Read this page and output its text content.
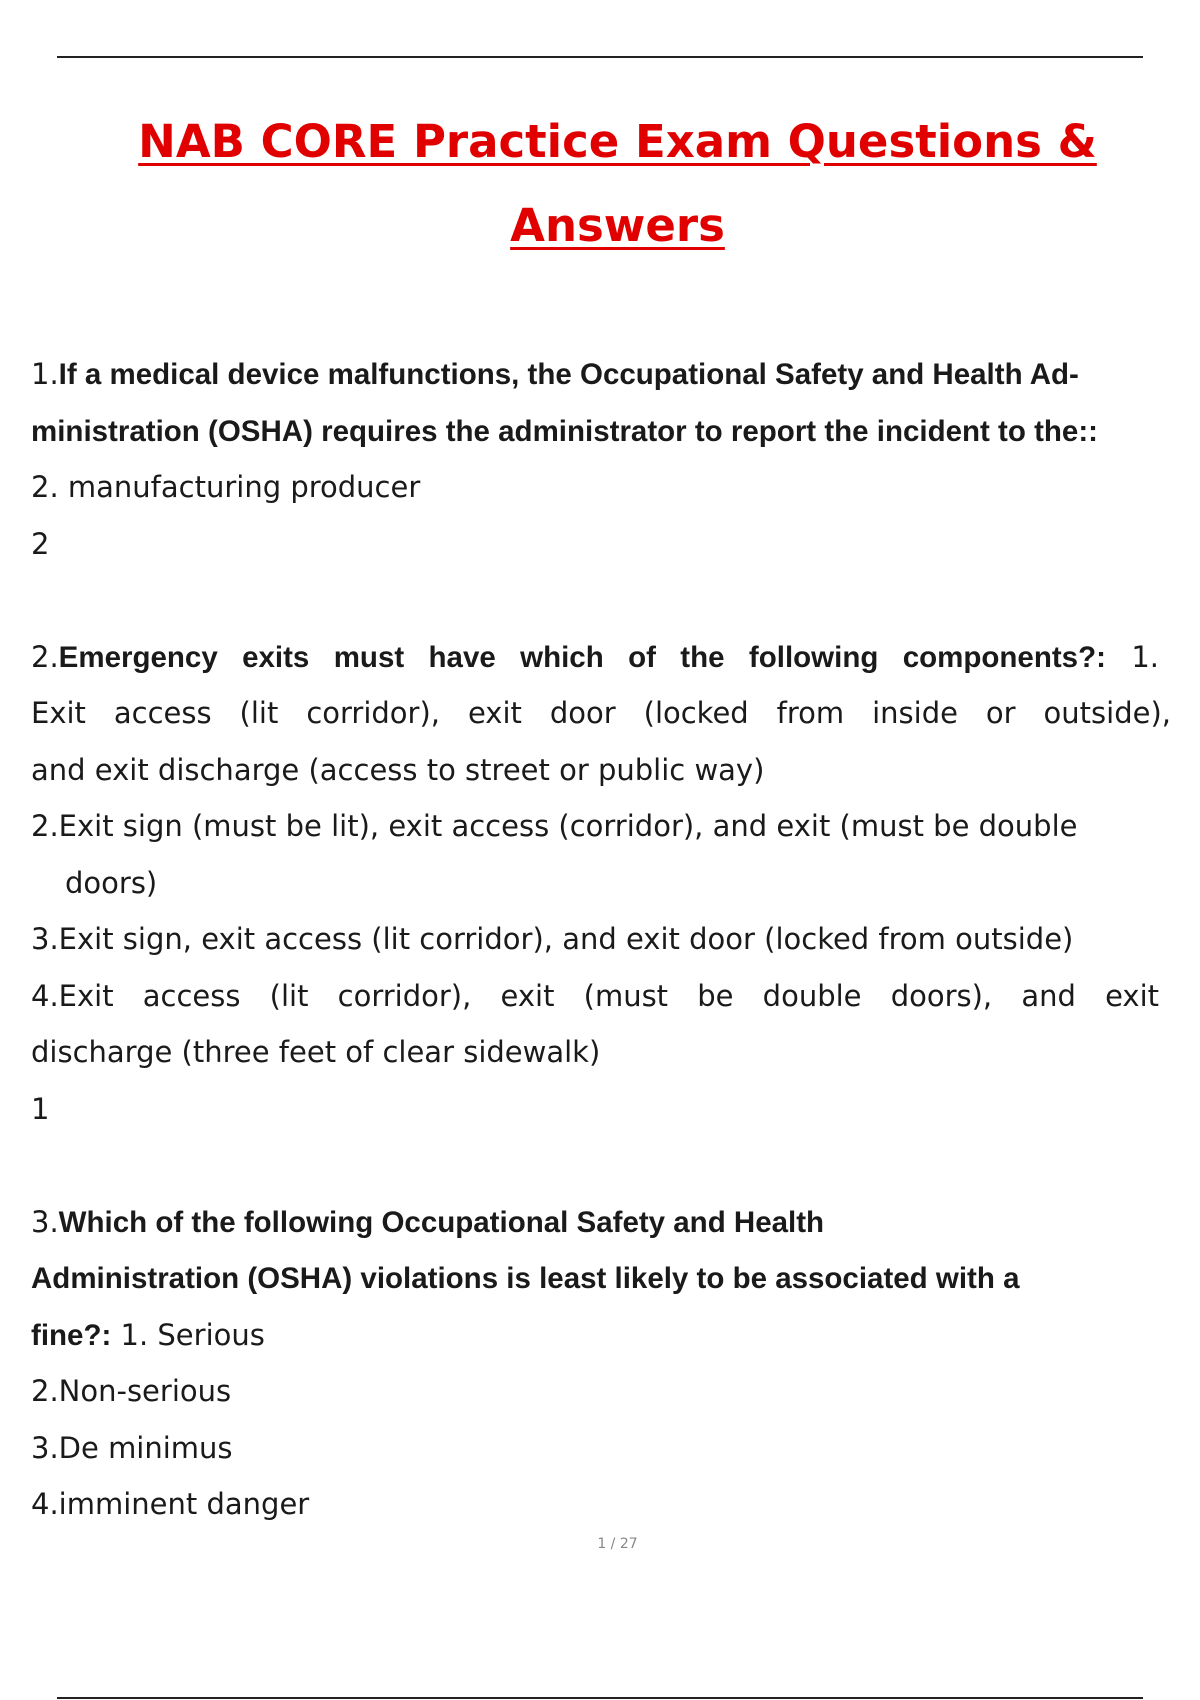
NAB CORE Practice Exam Questions &
Answers
1.If a medical device malfunctions, the Occupational Safety and Health Ad-
ministration (OSHA) requires the administrator to report the incident to the::
2. manufacturing producer
2
2.Emergency exits must have which of the following components?: 1.
Exit access (lit corridor), exit door (locked from inside or outside),
and exit discharge (access to street or public way)
2.Exit sign (must be lit), exit access (corridor), and exit (must be double
doors)
3.Exit sign, exit access (lit corridor), and exit door (locked from outside)
4.Exit access (lit corridor), exit (must be double doors), and exit
discharge (three feet of clear sidewalk)
1
3.Which of the following Occupational Safety and Health
Administration (OSHA) violations is least likely to be associated with a
fine?: 1. Serious
2.Non-serious
3.De minimus
4.imminent danger
1 / 27
